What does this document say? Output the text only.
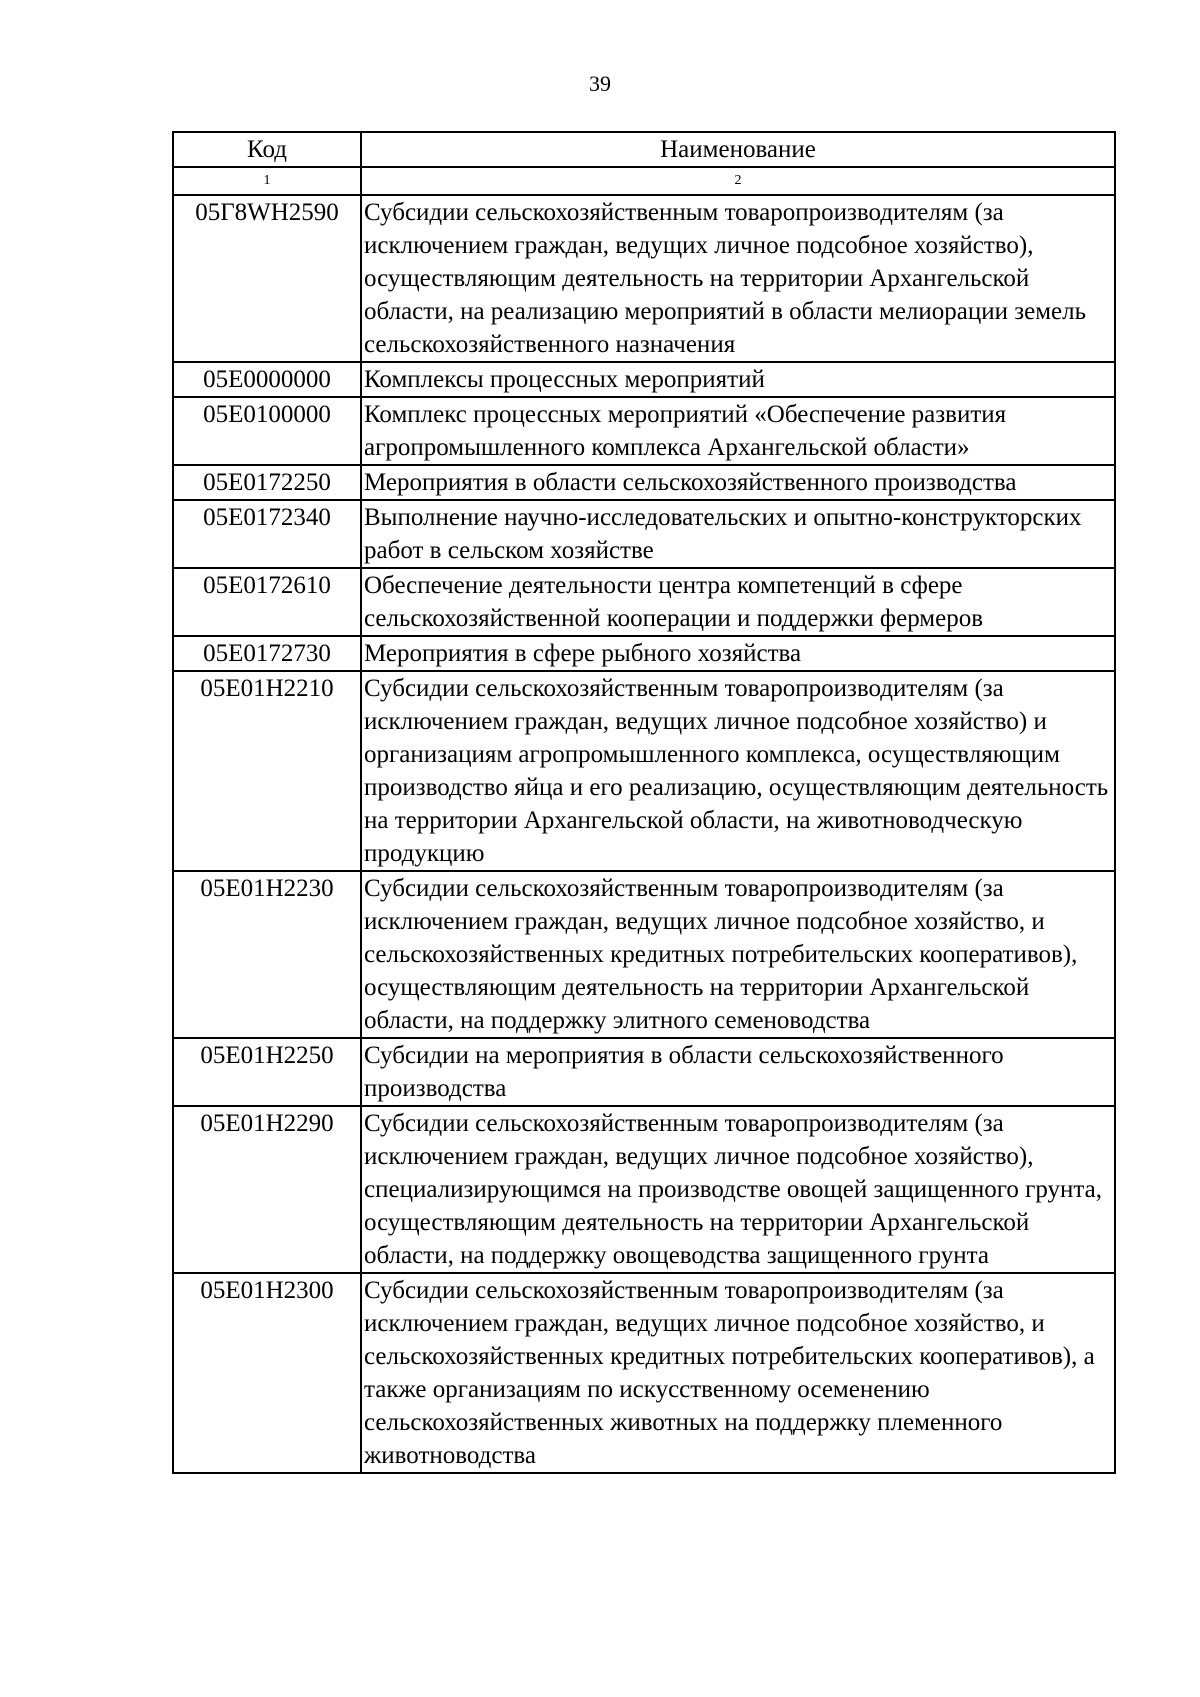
39
Код	Наименование
1	2
05Г8WН2590	Субсидии сельскохозяйственным товаропроизводителям (за исключением граждан, ведущих личное подсобное хозяйство), осуществляющим деятельность на территории Архангельской области, на реализацию мероприятий в области мелиорации земель сельскохозяйственного назначения
05Е0000000	Комплексы процессных мероприятий
05Е0100000	Комплекс процессных мероприятий «Обеспечение развития агропромышленного комплекса Архангельской области»
05Е0172250	Мероприятия в области сельскохозяйственного производства
05Е0172340	Выполнение научно-исследовательских и опытно-конструкторских работ в сельском хозяйстве
05Е0172610	Обеспечение деятельности центра компетенций в сфере сельскохозяйственной кооперации и поддержки фермеров
05Е0172730	Мероприятия в сфере рыбного хозяйства
05Е01Н2210	Субсидии сельскохозяйственным товаропроизводителям (за исключением граждан, ведущих личное подсобное хозяйство) и организациям агропромышленного комплекса, осуществляющим производство яйца и его реализацию, осуществляющим деятельность на территории Архангельской области, на животноводческую продукцию
05Е01Н2230	Субсидии сельскохозяйственным товаропроизводителям (за исключением граждан, ведущих личное подсобное хозяйство, и сельскохозяйственных кредитных потребительских кооперативов), осуществляющим деятельность на территории Архангельской области, на поддержку элитного семеноводства
05Е01Н2250	Субсидии на мероприятия в области сельскохозяйственного производства
05Е01Н2290	Субсидии сельскохозяйственным товаропроизводителям (за исключением граждан, ведущих личное подсобное хозяйство), специализирующимся на производстве овощей защищенного грунта, осуществляющим деятельность на территории Архангельской области, на поддержку овощеводства защищенного грунта
05Е01Н2300	Субсидии сельскохозяйственным товаропроизводителям (за исключением граждан, ведущих личное подсобное хозяйство, и сельскохозяйственных кредитных потребительских кооперативов), а также организациям по искусственному осеменению сельскохозяйственных животных на поддержку племенного животноводства
